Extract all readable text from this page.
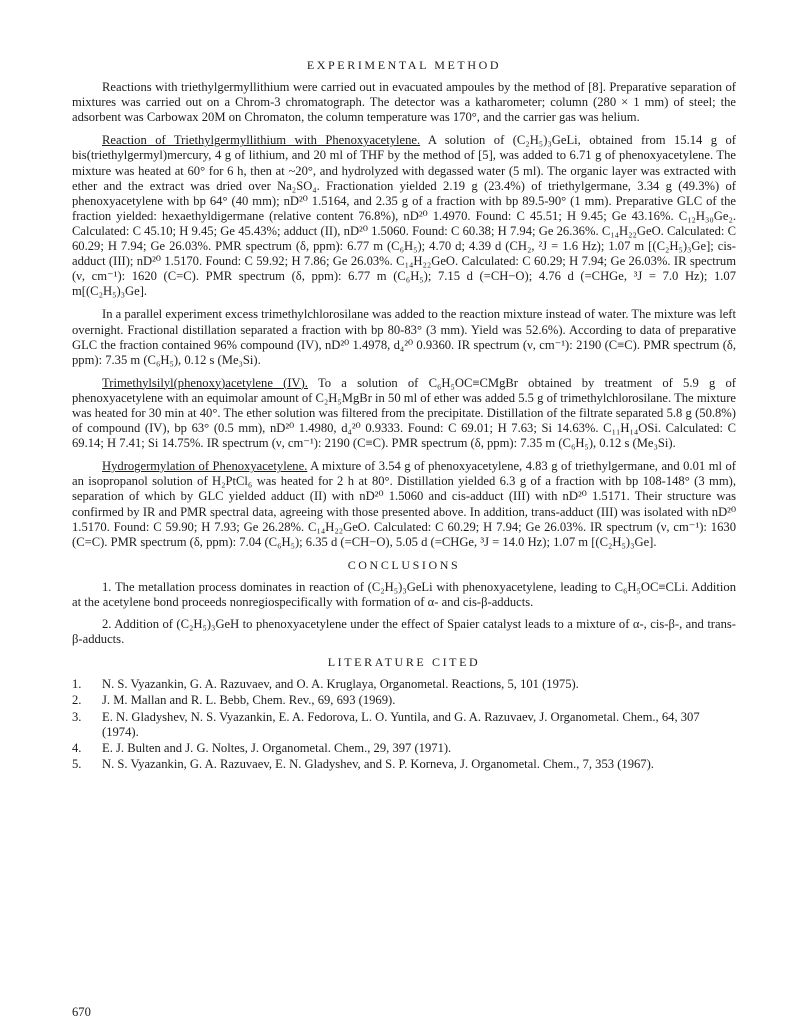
EXPERIMENTAL METHOD

Reactions with triethylgermyllithium were carried out in evacuated ampoules by the method of [8]. Preparative separation of mixtures was carried out on a Chrom-3 chromatograph. The detector was a katharometer; column (280 × 1 mm) of steel; the adsorbent was Carbowax 20M on Chromaton, the column temperature was 170°, and the carrier gas was helium.

Reaction of Triethylgermyllithium with Phenoxyacetylene. A solution of (C₂H₅)₃GeLi, obtained from 15.14 g of bis(triethylgermyl)mercury, 4 g of lithium, and 20 ml of THF by the method of [5], was added to 6.71 g of phenoxyacetylene. The mixture was heated at 60° for 6 h, then at ~20°, and hydrolyzed with degassed water (5 ml). The organic layer was extracted with ether and the extract was dried over Na₂SO₄. Fractionation yielded 2.19 g (23.4%) of triethylgermane, 3.34 g (49.3%) of phenoxyacetylene with bp 64° (40 mm); nD²⁰ 1.5164, and 2.35 g of a fraction with bp 89.5-90° (1 mm). Preparative GLC of the fraction yielded: hexaethyldigermane (relative content 76.8%), nD²⁰ 1.4970. Found: C 45.51; H 9.45; Ge 43.16%. C₁₂H₃₀Ge₂. Calculated: C 45.10; H 9.45; Ge 45.43%; adduct (II), nD²⁰ 1.5060. Found: C 60.38; H 7.94; Ge 26.36%. C₁₄H₂₂GeO. Calculated: C 60.29; H 7.94; Ge 26.03%. PMR spectrum (δ, ppm): 6.77 m (C₆H₅); 4.70 d; 4.39 d (CH₂, ²J = 1.6 Hz); 1.07 m [(C₂H₅)₃Ge]; cis-adduct (III); nD²⁰ 1.5170. Found: C 59.92; H 7.86; Ge 26.03%. C₁₄H₂₂GeO. Calculated: C 60.29; H 7.94; Ge 26.03%. IR spectrum (ν, cm⁻¹): 1620 (C=C). PMR spectrum (δ, ppm): 6.77 m (C₆H₅); 7.15 d (=CH−O); 4.76 d (=CHGe, ³J = 7.0 Hz); 1.07 m[(C₂H₅)₃Ge].

In a parallel experiment excess trimethylchlorosilane was added to the reaction mixture instead of water. The mixture was left overnight. Fractional distillation separated a fraction with bp 80-83° (3 mm). Yield was 52.6%). According to data of preparative GLC the fraction contained 96% compound (IV), nD²⁰ 1.4978, d₄²⁰ 0.9360. IR spectrum (ν, cm⁻¹): 2190 (C≡C). PMR spectrum (δ, ppm): 7.35 m (C₆H₅), 0.12 s (Me₃Si).

Trimethylsilyl(phenoxy)acetylene (IV). To a solution of C₆H₅OC≡CMgBr obtained by treatment of 5.9 g of phenoxyacetylene with an equimolar amount of C₂H₅MgBr in 50 ml of ether was added 5.5 g of trimethylchlorosilane. The mixture was heated for 30 min at 40°. The ether solution was filtered from the precipitate. Distillation of the filtrate separated 5.8 g (50.8%) of compound (IV), bp 63° (0.5 mm), nD²⁰ 1.4980, d₄²⁰ 0.9333. Found: C 69.01; H 7.63; Si 14.63%. C₁₁H₁₄OSi. Calculated: C 69.14; H 7.41; Si 14.75%. IR spectrum (ν, cm⁻¹): 2190 (C≡C). PMR spectrum (δ, ppm): 7.35 m (C₆H₅), 0.12 s (Me₃Si).

Hydrogermylation of Phenoxyacetylene. A mixture of 3.54 g of phenoxyacetylene, 4.83 g of triethylgermane, and 0.01 ml of an isopropanol solution of H₂PtCl₆ was heated for 2 h at 80°. Distillation yielded 6.3 g of a fraction with bp 108-148° (3 mm), separation of which by GLC yielded adduct (II) with nD²⁰ 1.5060 and cis-adduct (III) with nD²⁰ 1.5171. Their structure was confirmed by IR and PMR spectral data, agreeing with those presented above. In addition, trans-adduct (III) was isolated with nD²⁰ 1.5170. Found: C 59.90; H 7.93; Ge 26.28%. C₁₄H₂₂GeO. Calculated: C 60.29; H 7.94; Ge 26.03%. IR spectrum (ν, cm⁻¹): 1630 (C=C). PMR spectrum (δ, ppm): 7.04 (C₆H₅); 6.35 d (=CH−O), 5.05 d (=CHGe, ³J = 14.0 Hz); 1.07 m [(C₂H₅)₃Ge].

CONCLUSIONS

1. The metallation process dominates in reaction of (C₂H₅)₃GeLi with phenoxyacetylene, leading to C₆H₅OC≡CLi. Addition at the acetylene bond proceeds nonregiospecifically with formation of α- and cis-β-adducts.

2. Addition of (C₂H₅)₃GeH to phenoxyacetylene under the effect of Spaier catalyst leads to a mixture of α-, cis-β-, and trans-β-adducts.

LITERATURE CITED
1.	N. S. Vyazankin, G. A. Razuvaev, and O. A. Kruglaya, Organometal. Reactions, 5, 101 (1975).
2.	J. M. Mallan and R. L. Bebb, Chem. Rev., 69, 693 (1969).
3.	E. N. Gladyshev, N. S. Vyazankin, E. A. Fedorova, L. O. Yuntila, and G. A. Razuvaev, J. Organometal. Chem., 64, 307 (1974).
4.	E. J. Bulten and J. G. Noltes, J. Organometal. Chem., 29, 397 (1971).
5.	N. S. Vyazankin, G. A. Razuvaev, E. N. Gladyshev, and S. P. Korneva, J. Organometal. Chem., 7, 353 (1967).
670
